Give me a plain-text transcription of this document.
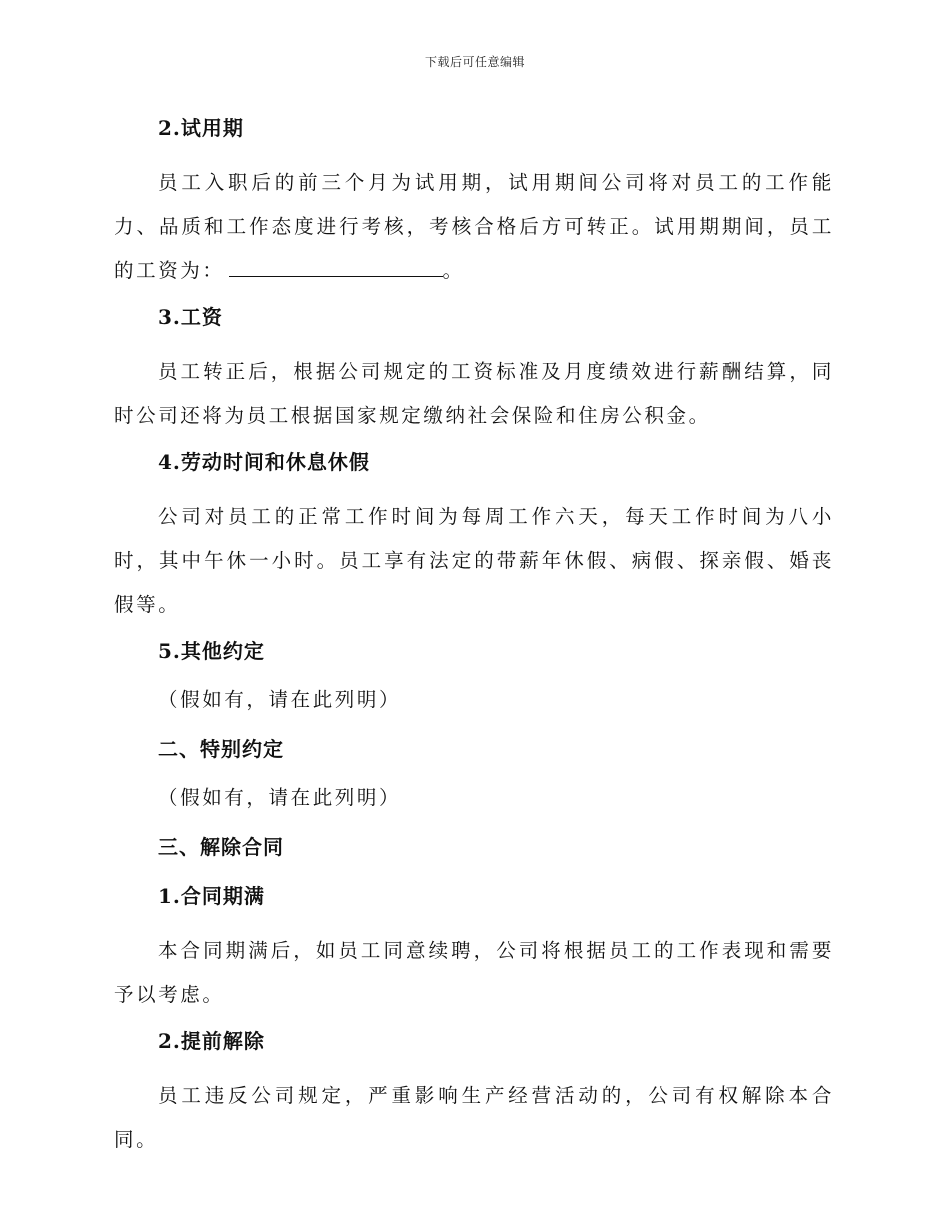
下载后可任意编辑
2.试用期

员工入职后的前三个月为试用期，试用期间公司将对员工的工作能力、品质和工作态度进行考核，考核合格后方可转正。试用期期间，员工的工资为：	。

3.工资

员工转正后，根据公司规定的工资标准及月度绩效进行薪酬结算，同时公司还将为员工根据国家规定缴纳社会保险和住房公积金。

4.劳动时间和休息休假

公司对员工的正常工作时间为每周工作六天，每天工作时间为八小时，其中午休一小时。员工享有法定的带薪年休假、病假、探亲假、婚丧假等。

5.其他约定
（假如有，请在此列明）
二、特别约定
（假如有，请在此列明）
三、解除合同
1.合同期满

本合同期满后，如员工同意续聘，公司将根据员工的工作表现和需要予以考虑。

2.提前解除

员工违反公司规定，严重影响生产经营活动的，公司有权解除本合同。
